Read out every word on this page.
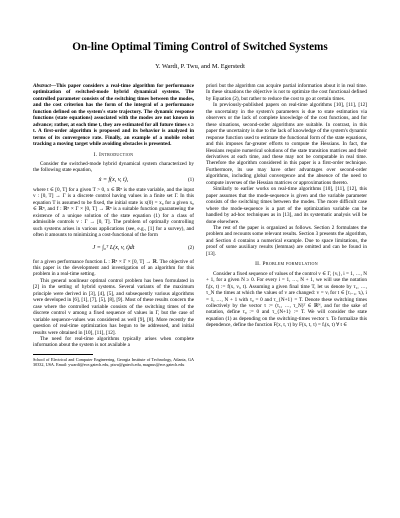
On-line Optimal Timing Control of Switched Systems
Y. Wardi, P. Twu, and M. Egerstedt

Abstract—This paper considers a real-time algorithm for performance optimization of switched-mode hybrid dynamical systems. The controlled parameter consists of the switching times between the modes, and the cost criterion has the form of the integral of a performance function defined on the system's state trajectory. The dynamic response functions (state equations) associated with the modes are not known in advance; rather, at each time t, they are estimated for all future times s ≥ t. A first-order algorithm is proposed and its behavior is analyzed in terms of its convergence rate. Finally, an example of a mobile robot tracking a moving target while avoiding obstacles is presented.

I. Introduction

Consider the switched-mode hybrid dynamical system characterized by the following state equation,

ẋ = f(x, v, t),	(1)

where t ∈ [0, T] for a given T > 0, x ∈ ℝⁿ is the state variable, and the input v : [0, T] → Γ is a discrete control having values in a finite set Γ. In this equation T is assumed to be fixed, the initial state is x(0) = x₀ for a given x₀ ∈ ℝⁿ, and f : ℝⁿ × Γ × [0, T] → ℝⁿ is a suitable function guaranteeing the existence of a unique solution of the state equation (1) for a class of admissible controls v : Γ → [0, T]. The problem of optimally controlling such systems arises in various applications (see, e.g., [1] for a survey), and often it amounts to minimizing a cost-functional of the form

J = ∫₀ᵀ L(x, v, t)dt	(2)

for a given performance function L : ℝⁿ × Γ × [0, T] → ℝ. The objective of this paper is the development and investigation of an algorithm for this problem in a real-time setting.

This general nonlinear optimal control problem has been formulated in [2] in the setting of hybrid systems. Several variants of the maximum principle were derived in [3], [4], [5], and subsequently various algorithms were developed in [6], [1], [7], [5], [8], [9]. Most of these results concern the case where the controlled variable consists of the switching times of the discrete control v among a fixed sequence of values in Γ, but the case of variable sequence-values was considered as well [9], [8]. More recently the question of real-time optimization has begun to be addressed, and initial results were obtained in [10], [11], [12].

The need for real-time algorithms typically arises when complete information about the system is not available a

School of Electrical and Computer Engineering, Georgia Institute of Technology, Atlanta, GA 30332, USA. Email: ywardi@ece.gatech.edu, ptwu@gatech.edu, magnus@ece.gatech.edu

priori but the algorithm can acquire partial information about it in real time. In these situations the objective is not to optimize the cost functional defined by Equation (2), but rather to reduce the cost to go at certain times.

In previously-published papers on real-time algorithms [10], [11], [12] the uncertainty in the system's parameters is due to state estimation via observers or the lack of complete knowledge of the cost functions, and for these situations, second-order algorithms are suitable. In contrast, in this paper the uncertainty is due to the lack of knowledge of the system's dynamic response function used to estimate the functional form of the state equations, and this imposes far-greater efforts to compute the Hessians. In fact, the Hessians require numerical solutions of the state transition matrices and their derivatives at each time, and these may not be computable in real time. Therefore the algorithm considered in this paper is a first-order technique. Furthermore, its use may have other advantages over second-order algorithms, including global convergence and the absence of the need to compute inverses of the Hessian matrices or approximations thereto.

Similarly to earlier works on real-time algorithms [10], [11], [12], this paper assumes that the mode-sequence is given and the variable parameter consists of the switching times between the modes. The more difficult case where the mode-sequence is a part of the optimization variable can be handled by ad-hoc techniques as in [13], and its systematic analysis will be done elsewhere.

The rest of the paper is organized as follows. Section 2 formulates the problem and recounts some relevant results. Section 3 presents the algorithm, and Section 4 contains a numerical example. Due to space limitations, the proof of some auxiliary results (lemmas) are omitted and can be found in [13].

II. Problem formulation

Consider a fixed sequence of values of the control v ∈ Γ, {vᵢ}, i = 1, …, N + 1, for a given N ≥ 0. For every i = 1, …, N + 1, we will use the notation fᵢ(x, t) := f(x, vᵢ, t). Assuming a given final time T, let us denote by τ₁, …, τ_N the times at which the values of v are changed: v = vᵢ for t ∈ [τᵢ₋₁, τᵢ), i = 1, …, N + 1 with τ₀ = 0 and τ_{N+1} = T. Denote these switching times collectively by the vector τ := (τ₁, …, τ_N)ᵀ ∈ ℝᴺ, and for the sake of notation, define τ₀ := 0 and τ_{N+1} := T. We will consider the state equation (1) as depending on the switching-times vector τ. To formalize this dependence, define the function F(x, t, τ) by F(x, t, τ) = fᵢ(x, t) ∀ t ∈
